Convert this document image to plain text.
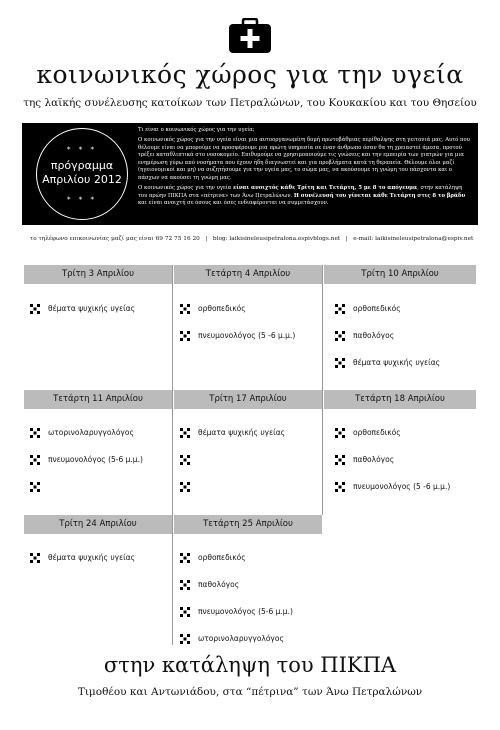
κοινωνικός χώρος για την υγεία
της λαϊκής συνέλευσης κατοίκων των Πετραλώνων, του Κουκακίου και του Θησείου
* * *
πρόγραμμα
Απριλίου 2012
* * *

Τι είναι ο κοινωνικός χώρος για την υγεία;

Ο κοινωνικός χώρος για την υγεία είναι μια αυτοοργανωμένη δομή πρωτοβάθμιας περίθαλψης στη γειτονιά μας. Αυτό που θέλουμε είναι να μπορούμε να προσφέρουμε μια πρώτη υπηρεσία σε έναν άνθρωπο όσαν θα τη χρειαστεί άμεσα, προτού τρέξει καταθλιπτικά στο νοσοκομείο. Επιθυμούμε να χρησιμοποιούμε τις γνώσεις και την εμπειρία των γιατρών για μια ενημέρωση γύρω από νοσήματα που έχουν ήδη διαγνωστεί και για προβλήματα κατά τη θεραπεία. Θέλουμε όλοι μαζί (ηγειονομικοί και μη) να συζητήσουμε για την υγεία μας, το σώμα μας, να ακούσουμε τη γνώμη του πάσχοντα και ο πάσχων να ακούσει τη γνώμη μας.

Ο κοινωνικός χώρος για την υγεία είναι ανοιχτός κάθε Τρίτη και Τετάρτη, 5 με 8 το απόγευμα, στην κατάληψη του πρώην ΠΙΚΠΑ στα «πέτρινα» των Άνω Πετραλώνων. Η συνέλευσή του γίνεται κάθε Τετάρτη στις 8 το βράδυ και είναι ανοιχτή σε όσους και όσες ενδιαφέρονται να συμμετάσχουν.

το τηλέφωνο επικοινωνίας μαζί μας είναι 69 72 75 16 20 | blog: laikisineleusipetralona.espivblogs.net | e-mail: laikisineleusipetralona@espiv.net
Τρίτη 3 Απριλίου
θέματα ψυχικής υγείας
Τετάρτη 4 Απριλίου
ορθοπεδικός
πνευμονολόγος (5 -6 μ.μ.)
Τρίτη 10 Απριλίου
ορθοπεδικός
παθολόγος
θέματα ψυχικής υγείας
Τετάρτη 11 Απριλίου
ωτορινολαρυγγολόγος
πνευμονολόγος (5-6 μ.μ.)
Τρίτη 17 Απριλίου
θέματα ψυχικής υγείας
Τετάρτη 18 Απριλίου
ορθοπεδικός
παθολόγος
πνευμονολόγος (5 -6 μ.μ.)
Τρίτη 24 Απριλίου
θέματα ψυχικής υγείας
Τετάρτη 25 Απριλίου
ορθοπεδικός
παθολόγος
πνευμονολόγος (5-6 μ.μ.)
ωτορινολαρυγγολόγος
στην κατάληψη του ΠΙΚΠΑ
Τιμοθέου και Αντωνιάδου, στα “πέτρινα” των Άνω Πετραλώνων
